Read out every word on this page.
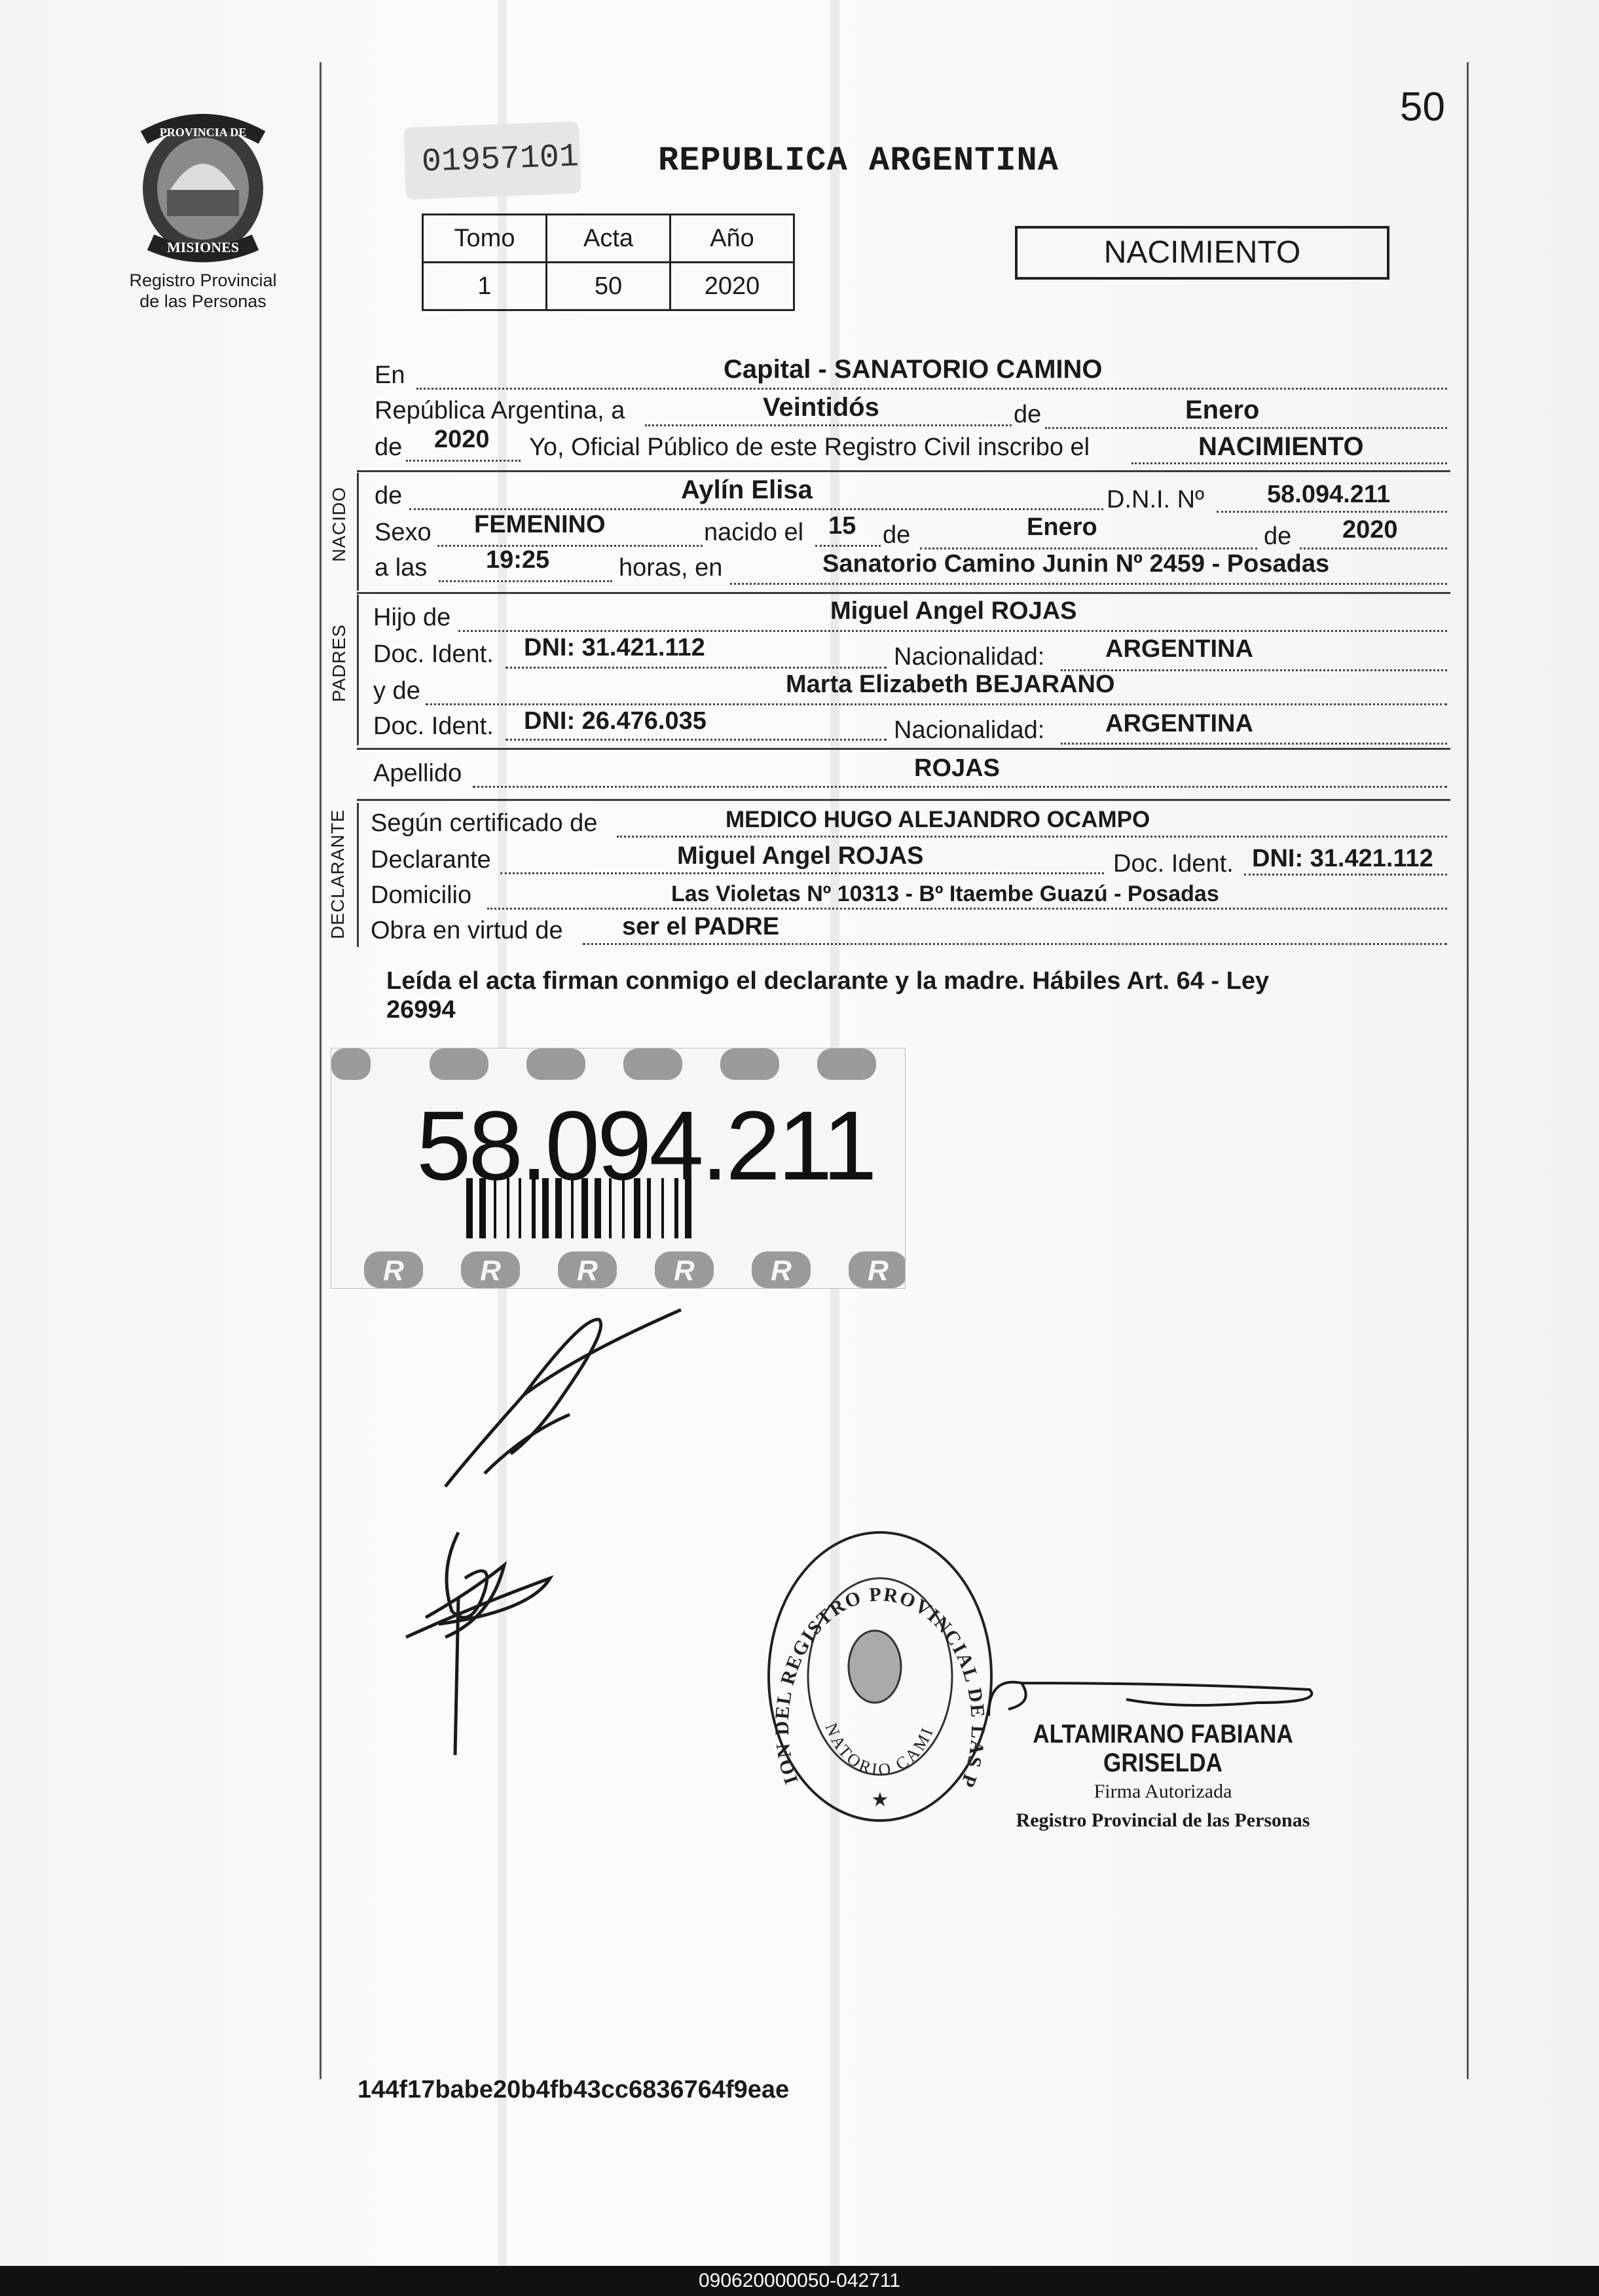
PROVINCIA DE
MISIONES
Registro Provincial
de las Personas
50
01957101 REPUBLICA ARGENTINA
Tomo	Acta	Año
1	50	2020
NACIMIENTO
En	Capital - SANATORIO CAMINO
República Argentina, a	Veintidós	de	Enero
de 2020 Yo, Oficial Público de este Registro Civil inscribo el	NACIMIENTO
NACIDO de	Aylín Elisa	D.N.I. Nº	58.094.211
Sexo FEMENINO	nacido el 15 de	Enero	de 2020
a las 19:25	horas, en	Sanatorio Camino Junin Nº 2459 - Posadas
PADRES
Hijo de	Miguel Angel ROJAS
Doc. Ident. DNI: 31.421.112	Nacionalidad: ARGENTINA
y de	Marta Elizabeth BEJARANO
Doc. Ident. DNI: 26.476.035	Nacionalidad: ARGENTINA
Apellido	ROJAS
DECLARANTE Según certificado de	MEDICO HUGO ALEJANDRO OCAMPO
Declarante	Miguel Angel ROJAS	Doc. Ident. DNI: 31.421.112
Domicilio	Las Violetas Nº 10313 - Bº Itaembe Guazú - Posadas
Obra en virtud de ser el PADRE
Leída el acta firman conmigo el declarante y la madre. Hábiles Art. 64 - Ley
26994
R	R	R	R	R	R
58.094.211
ION DEL REGISTRO PROVINCIAL DE LAS P
NATORIO CAMI
★
ALTAMIRANO FABIANA GRISELDA
Firma Autorizada
Registro Provincial de las Personas
144f17babe20b4fb43cc6836764f9eae
090620000050-042711
